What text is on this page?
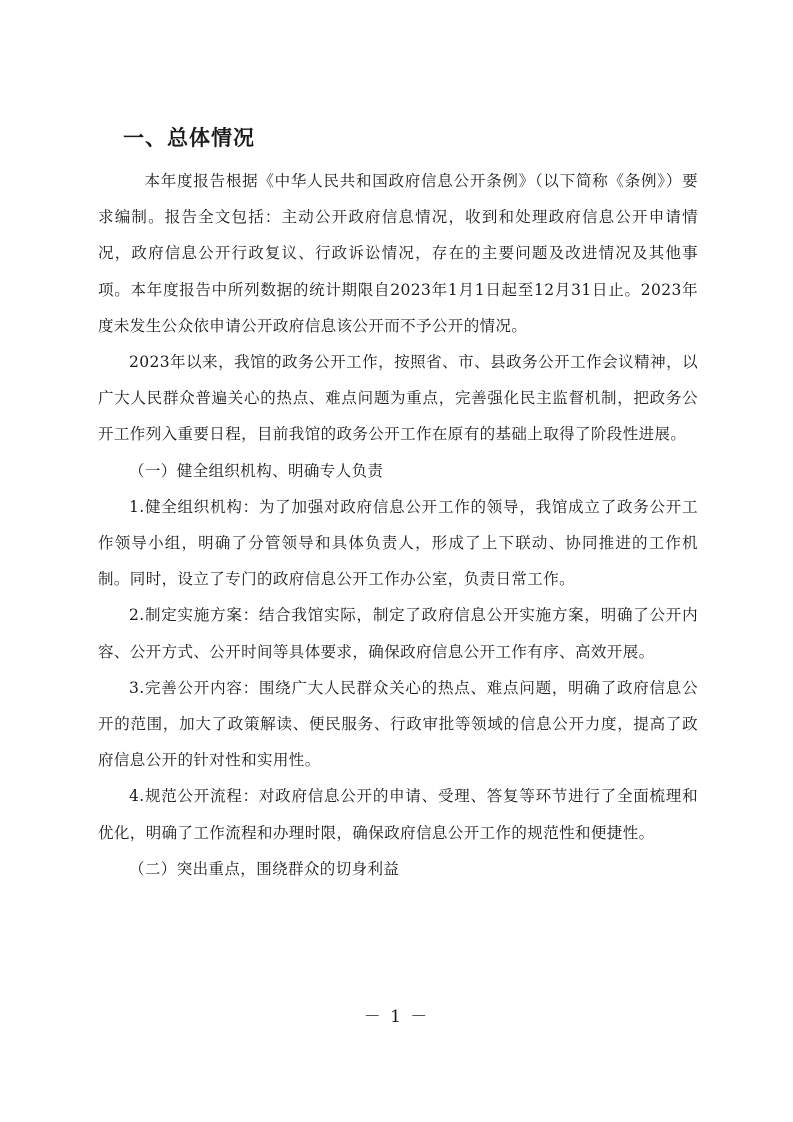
一、总体情况

本年度报告根据《中华人民共和国政府信息公开条例》（以下简称《条例》）要求编制。报告全文包括：主动公开政府信息情况，收到和处理政府信息公开申请情况，政府信息公开行政复议、行政诉讼情况，存在的主要问题及改进情况及其他事项。本年度报告中所列数据的统计期限自2023年1月1日起至12月31日止。2023年度未发生公众依申请公开政府信息该公开而不予公开的情况。

2023年以来，我馆的政务公开工作，按照省、市、县政务公开工作会议精神，以广大人民群众普遍关心的热点、难点问题为重点，完善强化民主监督机制，把政务公开工作列入重要日程，目前我馆的政务公开工作在原有的基础上取得了阶段性进展。

（一）健全组织机构、明确专人负责

1.健全组织机构：为了加强对政府信息公开工作的领导，我馆成立了政务公开工作领导小组，明确了分管领导和具体负责人，形成了上下联动、协同推进的工作机制。同时，设立了专门的政府信息公开工作办公室，负责日常工作。

2.制定实施方案：结合我馆实际，制定了政府信息公开实施方案，明确了公开内容、公开方式、公开时间等具体要求，确保政府信息公开工作有序、高效开展。

3.完善公开内容：围绕广大人民群众关心的热点、难点问题，明确了政府信息公开的范围，加大了政策解读、便民服务、行政审批等领域的信息公开力度，提高了政府信息公开的针对性和实用性。

4.规范公开流程：对政府信息公开的申请、受理、答复等环节进行了全面梳理和优化，明确了工作流程和办理时限，确保政府信息公开工作的规范性和便捷性。

（二）突出重点，围绕群众的切身利益

－ 1 －
